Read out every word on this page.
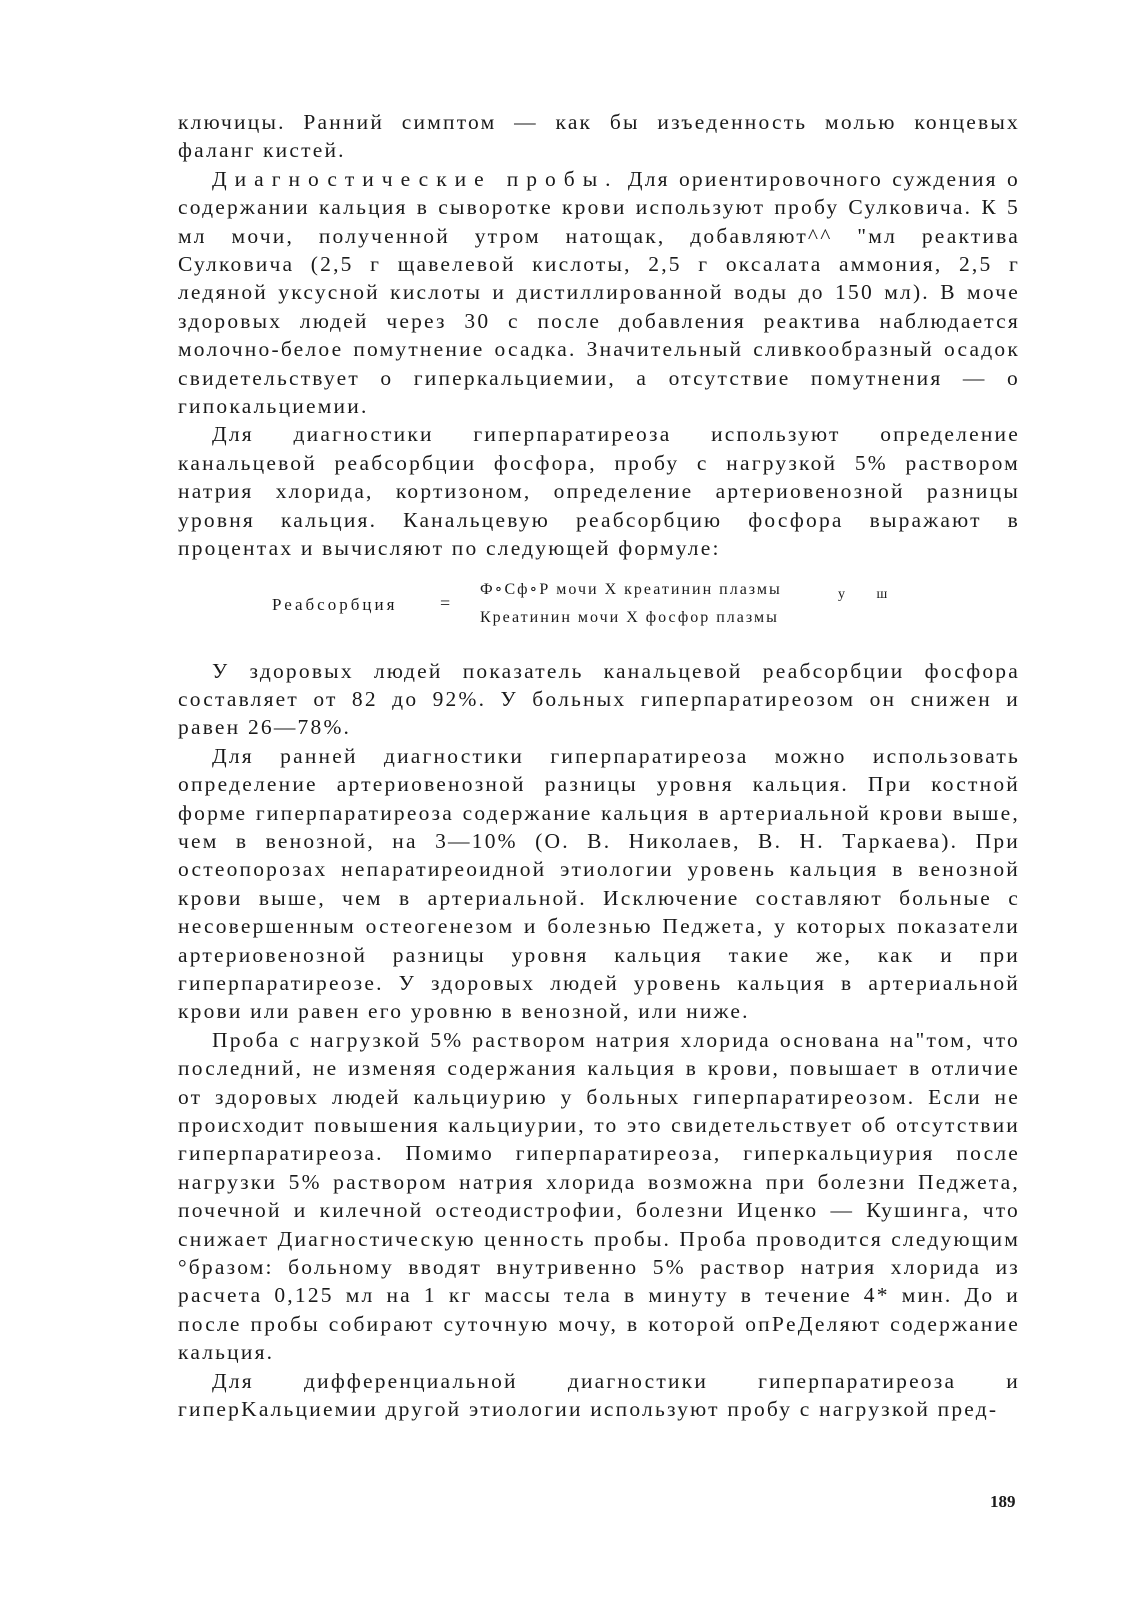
ключицы. Ранний симптом — как бы изъеденность молью концевых фаланг кистей.

Диагностические пробы. Для ориентировочного суждения о содержании кальция в сыворотке крови используют пробу Сулковича. К 5 мл мочи, полученной утром натощак, добавляют^^ "мл реактива Сулковича (2,5 г щавелевой кислоты, 2,5 г оксалата аммония, 2,5 г ледяной уксусной кислоты и дистиллированной воды до 150 мл). В моче здоровых людей через 30 с после добавления реактива наблюдается молочно-белое помутнение осадка. Значительный сливкообразный осадок свидетельствует о гиперкальциемии, а отсутствие помутнения — о гипокальциемии.

Для диагностики гиперпаратиреоза используют определение канальцевой реабсорбции фосфора, пробу с нагрузкой 5% раствором натрия хлорида, кортизоном, определение артериовенозной разницы уровня кальция. Канальцевую реабсорбцию фосфора выражают в процентах и вычисляют по следующей формуле:

Реабсорбция =
Ф∘Сф∘Р мочи X креатинин плазмы	у ш
Креатинин мочи X фосфор плазмы

У здоровых людей показатель канальцевой реабсорбции фосфора составляет от 82 до 92%. У больных гиперпаратиреозом он снижен и равен 26—78%.

Для ранней диагностики гиперпаратиреоза можно использовать определение артериовенозной разницы уровня кальция. При костной форме гиперпаратиреоза содержание кальция в артериальной крови выше, чем в венозной, на 3—10% (О. В. Николаев, В. Н. Таркаева). При остеопорозах непаратиреоидной этиологии уровень кальция в венозной крови выше, чем в артериальной. Исключение составляют больные с несовершенным остеогенезом и болезнью Педжета, у которых показатели артериовенозной разницы уровня кальция такие же, как и при гиперпаратиреозе. У здоровых людей уровень кальция в артериальной крови или равен его уровню в венозной, или ниже.

Проба с нагрузкой 5% раствором натрия хлорида основана на"том, что последний, не изменяя содержания кальция в крови, повышает в отличие от здоровых людей кальциурию у больных гиперпаратиреозом. Если не происходит повышения кальциурии, то это свидетельствует об отсутствии гиперпаратиреоза. Помимо гиперпаратиреоза, гиперкальциурия после нагрузки 5% раствором натрия хлорида возможна при болезни Педжета, почечной и килечной остеодистрофии, болезни Иценко — Кушинга, что снижает Диагностическую ценность пробы. Проба проводится следующим °бразом: больному вводят внутривенно 5% раствор натрия хлорида из расчета 0,125 мл на 1 кг массы тела в минуту в течение 4* мин. До и после пробы собирают суточную мочу, в которой опРeДеляют содержание кальция.

Для дифференциальной диагностики гиперпаратиреоза и гиперKaльциемии другой этиологии используют пробу с нагрузкой пред-

189
